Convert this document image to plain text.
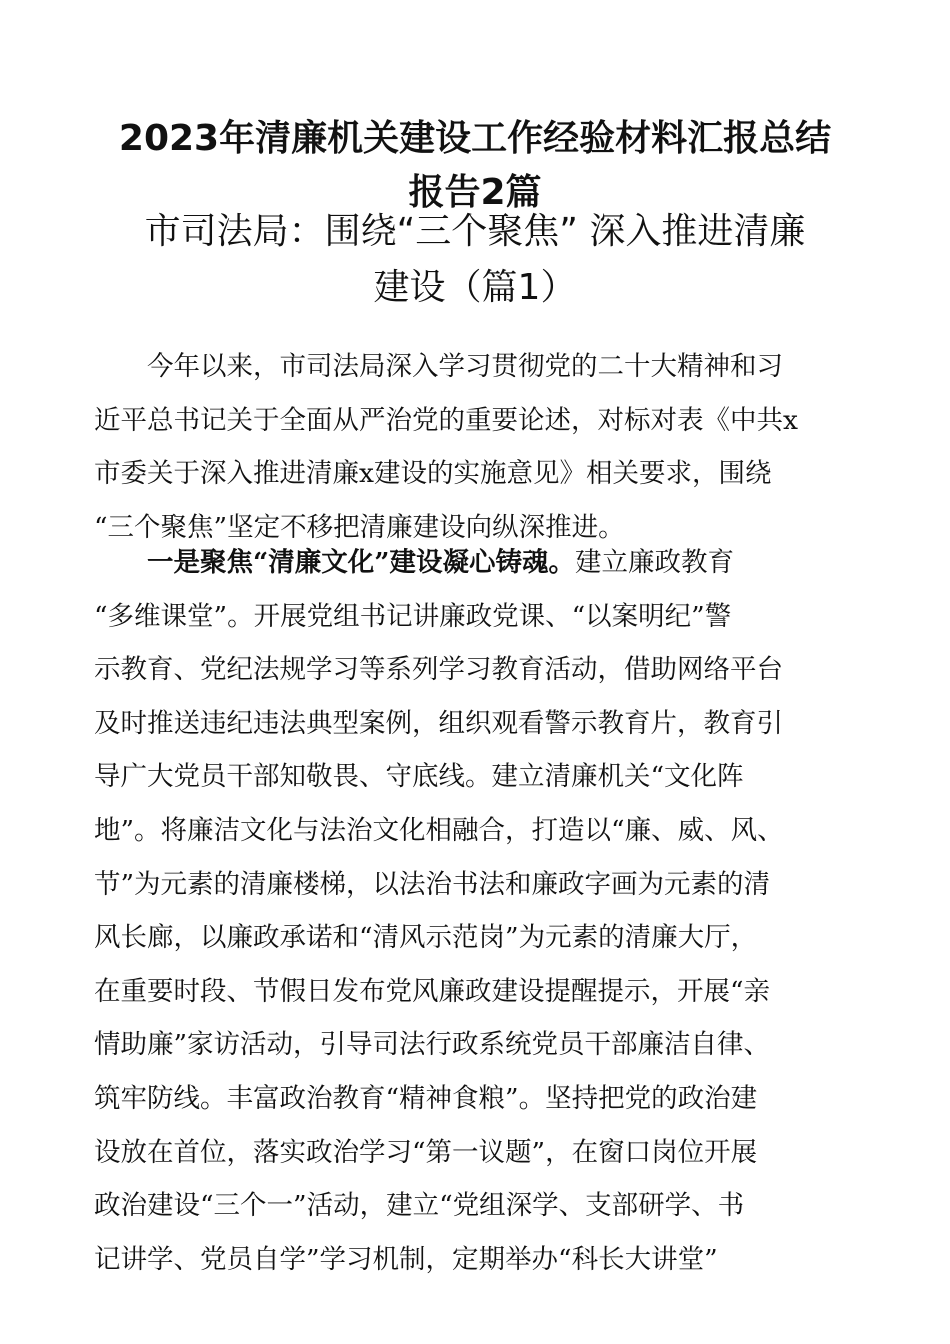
2023年清廉机关建设工作经验材料汇报总结
报告2篇
市司法局：围绕“三个聚焦” 深入推进清廉
建设（篇1）
　　今年以来，市司法局深入学习贯彻党的二十大精神和习
近平总书记关于全面从严治党的重要论述，对标对表《中共x
市委关于深入推进清廉x建设的实施意见》相关要求，围绕
“三个聚焦”坚定不移把清廉建设向纵深推进。
　　一是聚焦“清廉文化”建设凝心铸魂。建立廉政教育
“多维课堂”。开展党组书记讲廉政党课、“以案明纪”警
示教育、党纪法规学习等系列学习教育活动，借助网络平台
及时推送违纪违法典型案例，组织观看警示教育片，教育引
导广大党员干部知敬畏、守底线。建立清廉机关“文化阵
地”。将廉洁文化与法治文化相融合，打造以“廉、威、风、
节”为元素的清廉楼梯，以法治书法和廉政字画为元素的清
风长廊，以廉政承诺和“清风示范岗”为元素的清廉大厅，
在重要时段、节假日发布党风廉政建设提醒提示，开展“亲
情助廉”家访活动，引导司法行政系统党员干部廉洁自律、
筑牢防线。丰富政治教育“精神食粮”。坚持把党的政治建
设放在首位，落实政治学习“第一议题”，在窗口岗位开展
政治建设“三个一”活动，建立“党组深学、支部研学、书
记讲学、党员自学”学习机制，定期举办“科长大讲堂”
